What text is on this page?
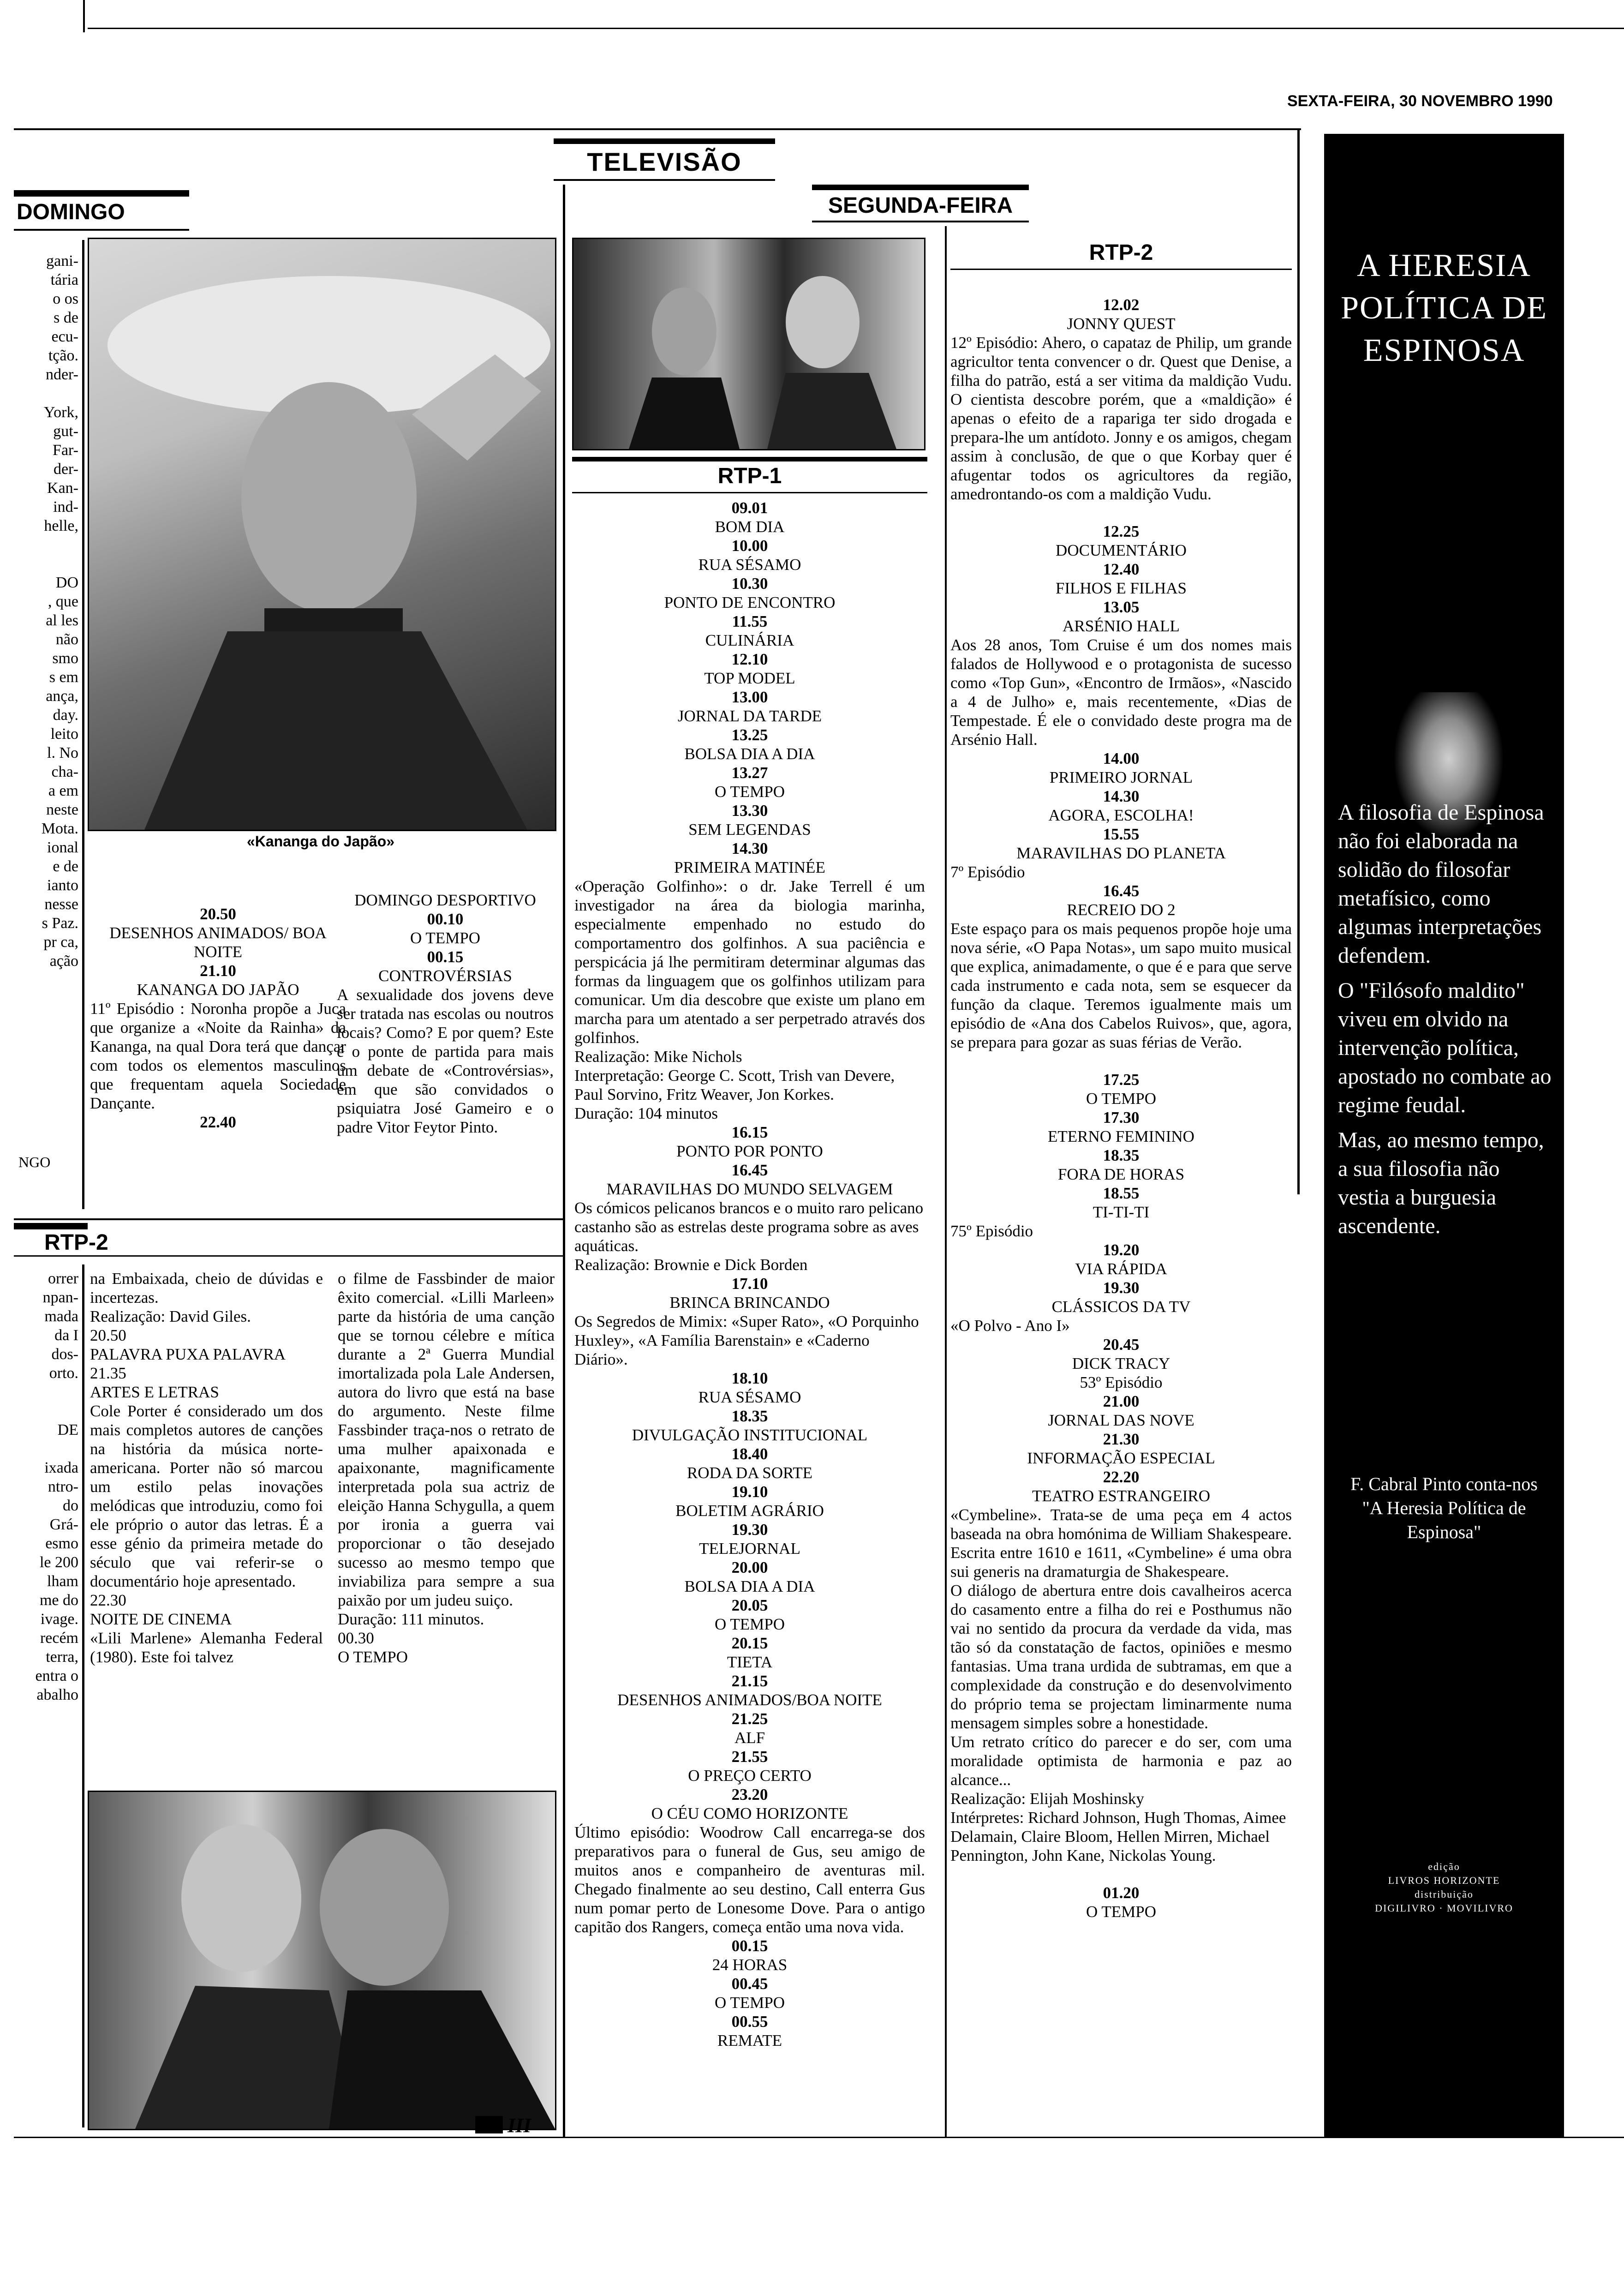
SEXTA-FEIRA, 30 NOVEMBRO 1990
TELEVISÃO
DOMINGO
gani-
tária
o os
s de
ecu-
tção.
nder-

York,
gut-
Far-
der-
Kan-
ind-
helle,

DO
, que
al les
não
smo
s em
ança,
day.
leito
l. No
cha-
a em
neste
Mota.
ional
e de
ianto
nesse
s Paz.
pr ca,
ação
«Kananga do Japão»
20.50
DESENHOS ANIMADOS/ BOA NOITE
21.10
KANANGA DO JAPÃO
11º Episódio : Noronha propõe a Juca que organize a «Noite da Rainha» da Kananga, na qual Dora terá que dançar com todos os elementos masculinos que frequentam aquela Sociedade Dançante.
22.40
DOMINGO DESPORTIVO
00.10
O TEMPO
00.15
CONTROVÉRSIAS
A sexualidade dos jovens deve ser tratada nas escolas ou noutros locais? Como? E por quem? Este é o ponte de partida para mais um debate de «Controvérsias», em que são convidados o psiquiatra José Gameiro e o padre Vitor Feytor Pinto.
NGO
RTP-2
orrer
npan-
mada
da I
dos-
orto.

DE

ixada
ntro-
do
Grá-
esmo
le 200
lham
me do
ivage.
recém
terra,
entra o
abalho
na Embaixada, cheio de dúvidas e incertezas.
Realização: David Giles.
20.50
PALAVRA PUXA PALAVRA
21.35
ARTES E LETRAS
Cole Porter é considerado um dos mais completos autores de canções na história da música norte-americana. Porter não só marcou um estilo pelas inovações melódicas que introduziu, como foi ele próprio o autor das letras. É a esse génio da primeira metade do século que vai referir-se o documentário hoje apresentado.
22.30
NOITE DE CINEMA
«Lili Marlene» Alemanha Federal (1980). Este foi talvez
o filme de Fassbinder de maior êxito comercial. «Lilli Marleen» parte da história de uma canção que se tornou célebre e mítica durante a 2ª Guerra Mundial imortalizada pola Lale Andersen, autora do livro que está na base do argumento. Neste filme Fassbinder traça-nos o retrato de uma mulher apaixonada e apaixonante, magnificamente interpretada pola sua actriz de eleição Hanna Schygulla, a quem por ironia a guerra vai proporcionar o tão desejado sucesso ao mesmo tempo que inviabiliza para sempre a sua paixão por um judeu suiço.
Duração: 111 minutos.
00.30
O TEMPO
SEGUNDA-FEIRA
RTP-1
09.01
BOM DIA
10.00
RUA SÉSAMO
10.30
PONTO DE ENCONTRO
11.55
CULINÁRIA
12.10
TOP MODEL
13.00
JORNAL DA TARDE
13.25
BOLSA DIA A DIA
13.27
O TEMPO
13.30
SEM LEGENDAS
14.30
PRIMEIRA MATINÉE
«Operação Golfinho»: o dr. Jake Terrell é um investigador na área da biologia marinha, especialmente empenhado no estudo do comportamentro dos golfinhos. A sua paciência e perspicácia já lhe permitiram determinar algumas das formas da linguagem que os golfinhos utilizam para comunicar. Um dia descobre que existe um plano em marcha para um atentado a ser perpetrado através dos golfinhos.
Realização: Mike Nichols
Interpretação: George C. Scott, Trish van Devere, Paul Sorvino, Fritz Weaver, Jon Korkes.
Duração: 104 minutos
16.15
PONTO POR PONTO
16.45
MARAVILHAS DO MUNDO SELVAGEM
Os cómicos pelicanos brancos e o muito raro pelicano castanho são as estrelas deste programa sobre as aves aquáticas.
Realização: Brownie e Dick Borden
17.10
BRINCA BRINCANDO
Os Segredos de Mimix: «Super Rato», «O Porquinho Huxley», «A Família Barenstain» e «Caderno Diário».
18.10
RUA SÉSAMO
18.35
DIVULGAÇÃO INSTITUCIONAL
18.40
RODA DA SORTE
19.10
BOLETIM AGRÁRIO
19.30
TELEJORNAL
20.00
BOLSA DIA A DIA
20.05
O TEMPO
20.15
TIETA
21.15
DESENHOS ANIMADOS/BOA NOITE
21.25
ALF
21.55
O PREÇO CERTO
23.20
O CÉU COMO HORIZONTE
Último episódio: Woodrow Call encarrega-se dos preparativos para o funeral de Gus, seu amigo de muitos anos e companheiro de aventuras mil. Chegado finalmente ao seu destino, Call enterra Gus num pomar perto de Lonesome Dove. Para o antigo capitão dos Rangers, começa então uma nova vida.
00.15
24 HORAS
00.45
O TEMPO
00.55
REMATE
RTP-2
12.02
JONNY QUEST
12º Episódio: Ahero, o capataz de Philip, um grande agricultor tenta convencer o dr. Quest que Denise, a filha do patrão, está a ser vitima da maldição Vudu. O cientista descobre porém, que a «maldição» é apenas o efeito de a rapariga ter sido drogada e prepara-lhe um antídoto. Jonny e os amigos, chegam assim à conclusão, de que o que Korbay quer é afugentar todos os agricultores da região, amedrontando-os com a maldição Vudu.
12.25
DOCUMENTÁRIO
12.40
FILHOS E FILHAS
13.05
ARSÉNIO HALL
Aos 28 anos, Tom Cruise é um dos nomes mais falados de Hollywood e o protagonista de sucesso como «Top Gun», «Encontro de Irmãos», «Nascido a 4 de Julho» e, mais recentemente, «Dias de Tempestade. É ele o convidado deste progra ma de Arsénio Hall.
14.00
PRIMEIRO JORNAL
14.30
AGORA, ESCOLHA!
15.55
MARAVILHAS DO PLANETA
7º Episódio
16.45
RECREIO DO 2
Este espaço para os mais pequenos propõe hoje uma nova série, «O Papa Notas», um sapo muito musical que explica, animadamente, o que é e para que serve cada instrumento e cada nota, sem se esquecer da função da claque. Teremos igualmente mais um episódio de «Ana dos Cabelos Ruivos», que, agora, se prepara para gozar as suas férias de Verão.
17.25
O TEMPO
17.30
ETERNO FEMININO
18.35
FORA DE HORAS
18.55
TI-TI-TI
75º Episódio
19.20
VIA RÁPIDA
19.30
CLÁSSICOS DA TV
«O Polvo - Ano I»
20.45
DICK TRACY
53º Episódio
21.00
JORNAL DAS NOVE
21.30
INFORMAÇÃO ESPECIAL
22.20
TEATRO ESTRANGEIRO
«Cymbeline». Trata-se de uma peça em 4 actos baseada na obra homónima de William Shakespeare. Escrita entre 1610 e 1611, «Cymbeline» é uma obra sui generis na dramaturgia de Shakespeare.
O diálogo de abertura entre dois cavalheiros acerca do casamento entre a filha do rei e Posthumus não vai no sentido da procura da verdade da vida, mas tão só da constatação de factos, opiniões e mesmo fantasias. Uma trana urdida de subtramas, em que a complexidade da construção e do desenvolvimento do próprio tema se projectam liminarmente numa mensagem simples sobre a honestidade.
Um retrato crítico do parecer e do ser, com uma moralidade optimista de harmonia e paz ao alcance...
Realização: Elijah Moshinsky
Intérpretes: Richard Johnson, Hugh Thomas, Aimee Delamain, Claire Bloom, Hellen Mirren, Michael Pennington, John Kane, Nickolas Young.
01.20
O TEMPO
III
A HERESIA POLÍTICA DE ESPINOSA

A filosofia de Espinosa não foi elaborada na solidão do filosofar metafísico, como algumas interpretações defendem.

O "Filósofo maldito" viveu em olvido na intervenção política, apostado no combate ao regime feudal.

Mas, ao mesmo tempo, a sua filosofia não vestia a burguesia ascendente.

F. Cabral Pinto conta-nos "A Heresia Política de Espinosa"
edição
LIVROS HORIZONTE
distribuição
DIGILIVRO · MOVILIVRO
